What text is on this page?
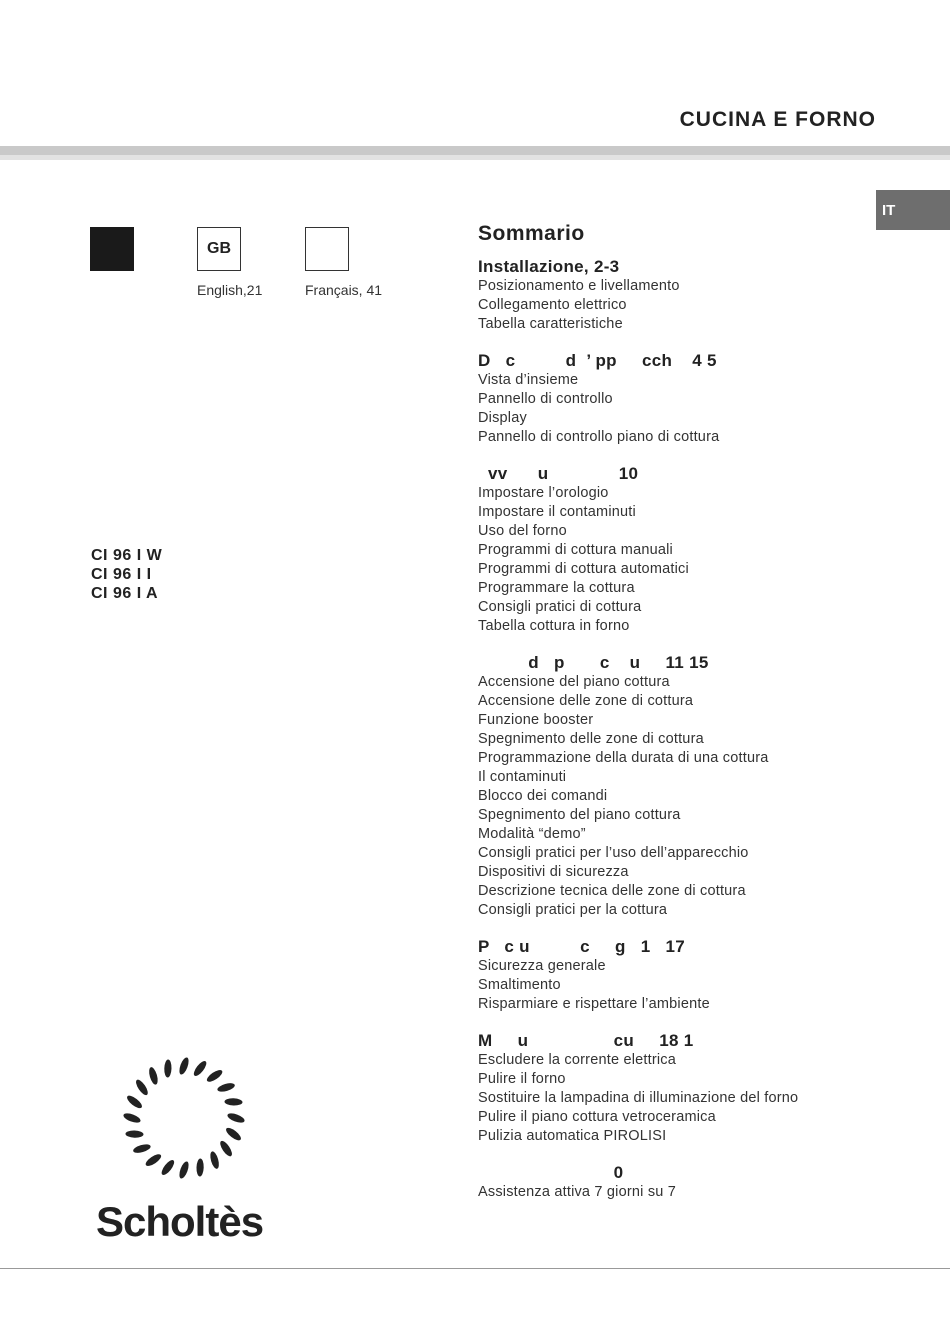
CUCINA E FORNO
IT
GB
English,21	Français, 41
CI 96 I W
CI 96 I I
CI 96 I A
Scholtès
Sommario
Installazione, 2-3
Posizionamento e livellamento
Collegamento elettrico
Tabella caratteristiche
D   c          d  ’ pp     cch    4 5
Vista d’insieme
Pannello di controllo
Display
Pannello di controllo piano di cottura
vv      u              10
Impostare l’orologio
Impostare il contaminuti
Uso del forno
Programmi di cottura manuali
Programmi di cottura automatici
Programmare la cottura
Consigli pratici di cottura
Tabella cottura in forno
d   p       c    u     11 15
Accensione del piano cottura
Accensione delle zone di cottura
Funzione booster
Spegnimento delle zone di cottura
Programmazione della durata di una cottura
Il contaminuti
Blocco dei comandi
Spegnimento del piano cottura
Modalità “demo”
Consigli pratici per l’uso dell’apparecchio
Dispositivi di sicurezza
Descrizione tecnica delle zone di cottura
Consigli pratici per la cottura
P   c u          c     g   1   17
Sicurezza generale
Smaltimento
Risparmiare e rispettare l’ambiente
M     u                 cu     18 1
Escludere la corrente elettrica
Pulire il forno
Sostituire la lampadina di illuminazione del forno
Pulire il piano cottura vetroceramica
Pulizia automatica PIROLISI
0
Assistenza attiva 7 giorni su 7
